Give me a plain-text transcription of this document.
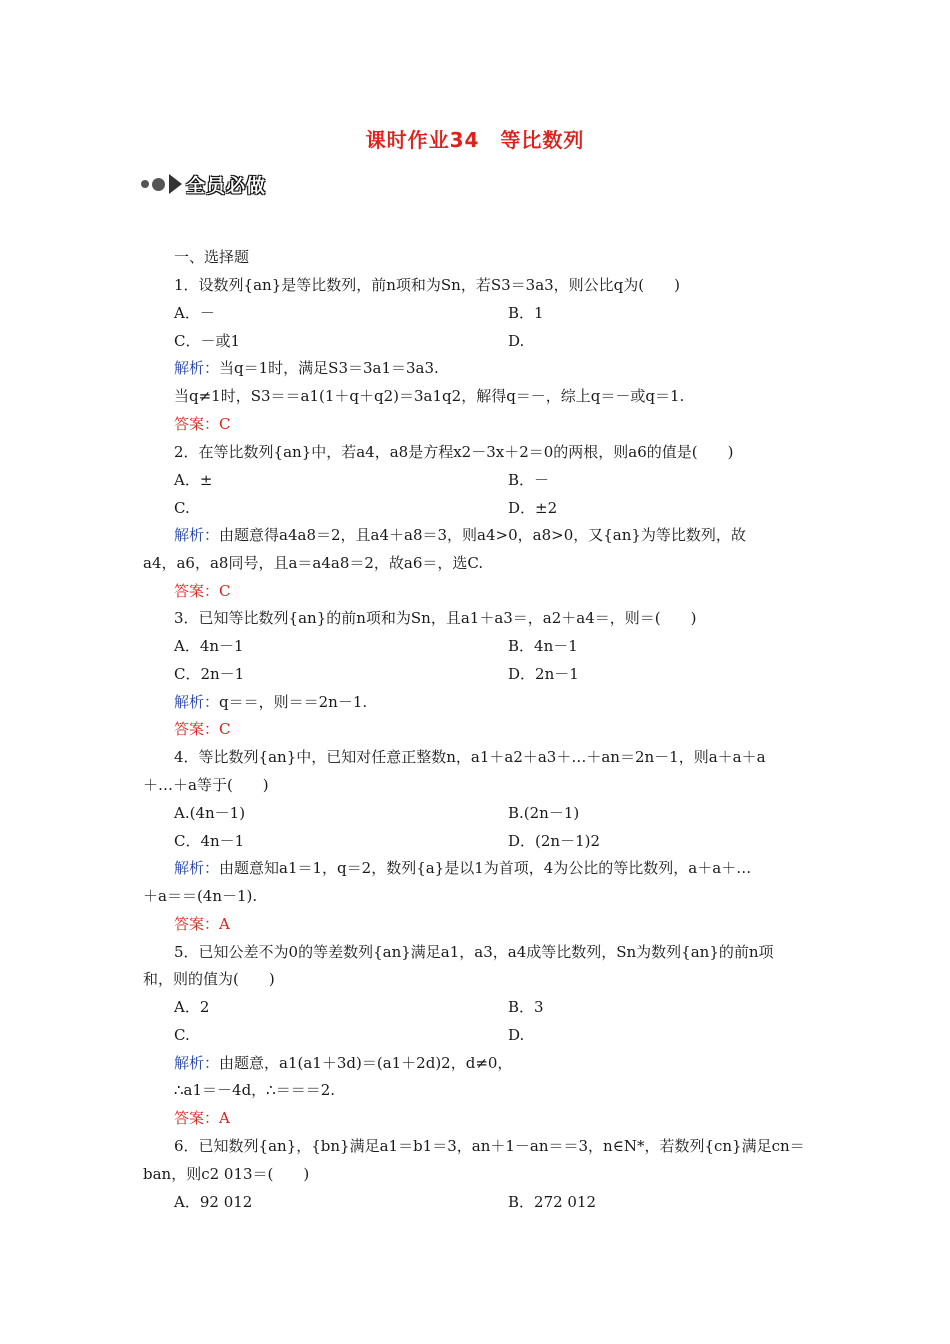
课时作业34　等比数列
全员必做
一、选择题
1．设数列{an}是等比数列，前n项和为Sn，若S3＝3a3，则公比q为(　　)
A．－	B．1
C．－或1	D.
解析：当q＝1时，满足S3＝3a1＝3a3.
当q≠1时，S3＝＝a1(1＋q＋q2)＝3a1q2，解得q＝－，综上q＝－或q＝1.
答案：C
2．在等比数列{an}中，若a4，a8是方程x2－3x＋2＝0的两根，则a6的值是(　　)
A．±	B．－
C.	D．±2
解析：由题意得a4a8＝2，且a4＋a8＝3，则a4>0，a8>0，又{an}为等比数列，故
a4，a6，a8同号，且a＝a4a8＝2，故a6＝，选C.
答案：C
3．已知等比数列{an}的前n项和为Sn，且a1＋a3＝，a2＋a4＝，则＝(　　)
A．4n－1	B．4n－1
C．2n－1	D．2n－1
解析：q＝＝，则＝＝2n－1.
答案：C
4．等比数列{an}中，已知对任意正整数n，a1＋a2＋a3＋…＋an＝2n－1，则a＋a＋a
＋…＋a等于(　　)
A.(4n－1)	B.(2n－1)
C．4n－1	D．(2n－1)2
解析：由题意知a1＝1，q＝2，数列{a}是以1为首项，4为公比的等比数列，a＋a＋…
＋a＝＝(4n－1).
答案：A
5．已知公差不为0的等差数列{an}满足a1，a3，a4成等比数列，Sn为数列{an}的前n项
和，则的值为(　　)
A．2	B．3
C.	D.
解析：由题意，a1(a1＋3d)＝(a1＋2d)2，d≠0，
∴a1＝－4d，∴＝＝＝2.
答案：A
6．已知数列{an}，{bn}满足a1＝b1＝3，an＋1－an＝＝3，n∈N*，若数列{cn}满足cn＝
ban，则c2 013＝(　　)
A．92 012	B．272 012
